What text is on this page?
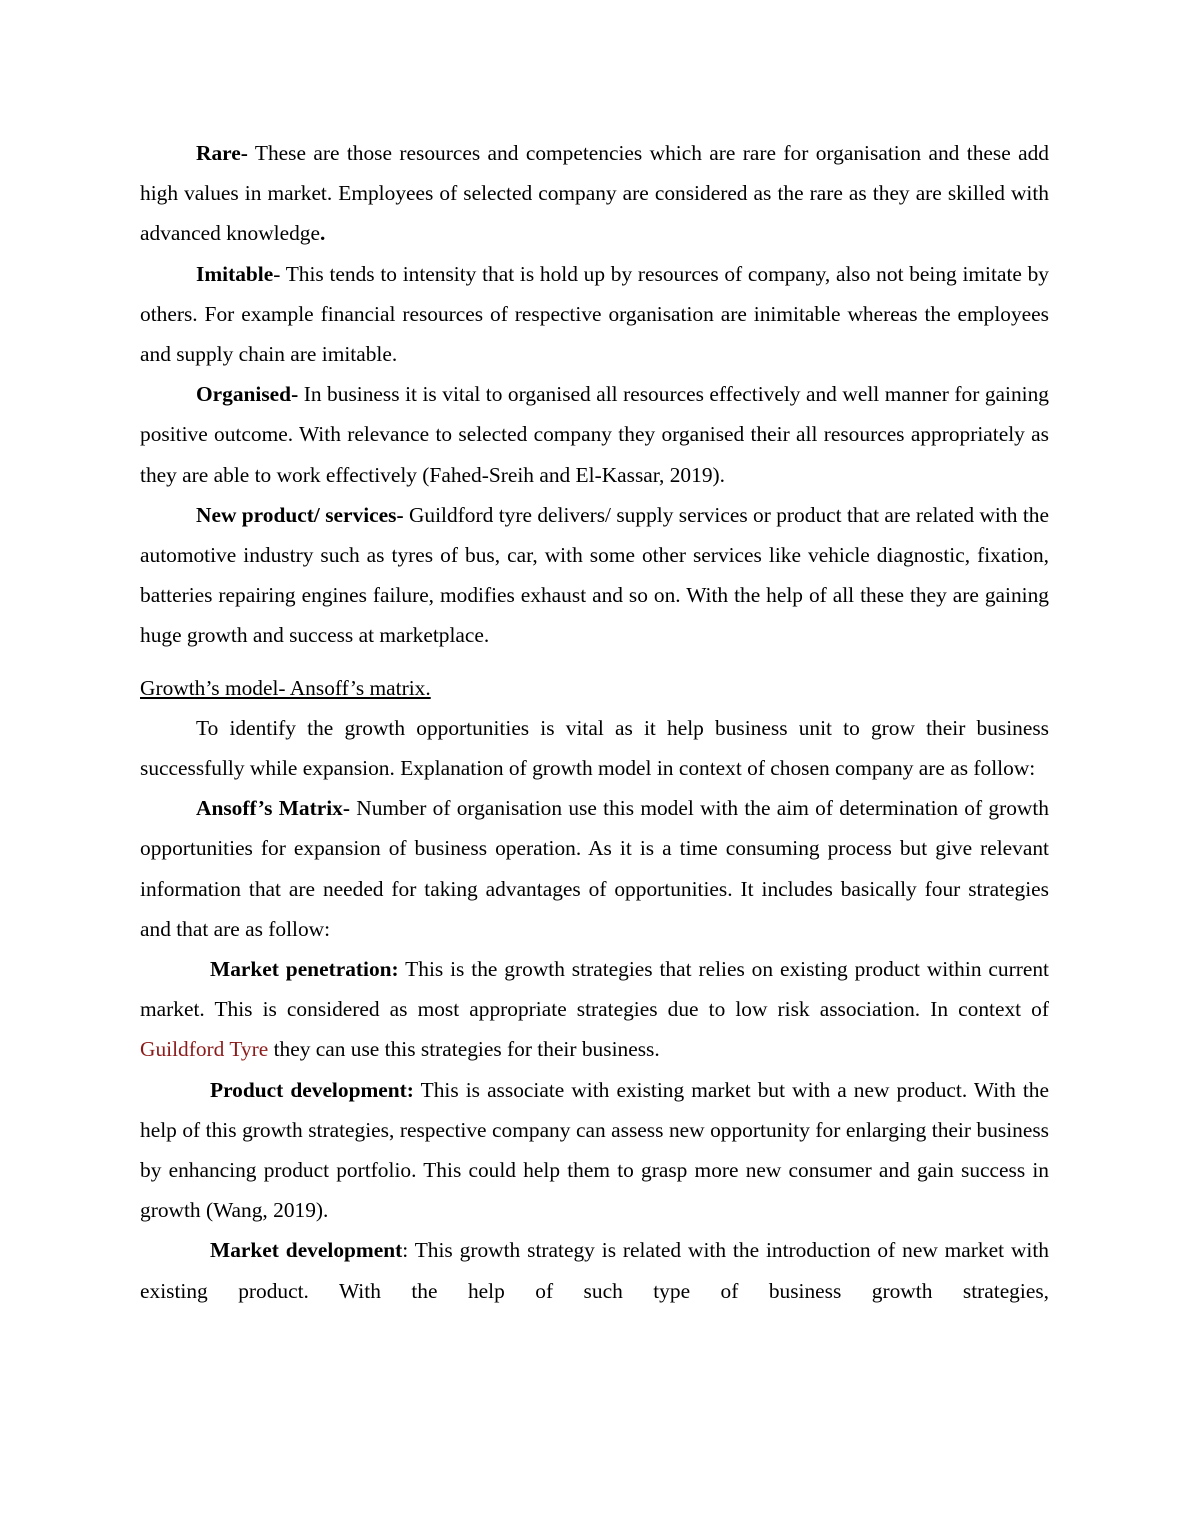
Rare- These are those resources and competencies which are rare for organisation and these add high values in market. Employees of selected company are considered as the rare as they are skilled with advanced knowledge.

Imitable- This tends to intensity that is hold up by resources of company, also not being imitate by others. For example financial resources of respective organisation are inimitable whereas the employees and supply chain are imitable.

Organised- In business it is vital to organised all resources effectively and well manner for gaining positive outcome. With relevance to selected company they organised their all resources appropriately as they are able to work effectively (Fahed-Sreih and El-Kassar, 2019).

New product/ services- Guildford tyre delivers/ supply services or product that are related with the automotive industry such as tyres of bus, car, with some other services like vehicle diagnostic, fixation, batteries repairing engines failure, modifies exhaust and so on. With the help of all these they are gaining huge growth and success at marketplace.

Growth’s model- Ansoff’s matrix.

To identify the growth opportunities is vital as it help business unit to grow their business successfully while expansion. Explanation of growth model in context of chosen company are as follow:

Ansoff’s Matrix- Number of organisation use this model with the aim of determination of growth opportunities for expansion of business operation. As it is a time consuming process but give relevant information that are needed for taking advantages of opportunities. It includes basically four strategies and that are as follow:

Market penetration: This is the growth strategies that relies on existing product within current market. This is considered as most appropriate strategies due to low risk association. In context of Guildford Tyre they can use this strategies for their business.

Product development: This is associate with existing market but with a new product. With the help of this growth strategies, respective company can assess new opportunity for enlarging their business by enhancing product portfolio. This could help them to grasp more new consumer and gain success in growth (Wang, 2019).

Market development: This growth strategy is related with the introduction of new market with existing product. With the help of such type of business growth strategies,
